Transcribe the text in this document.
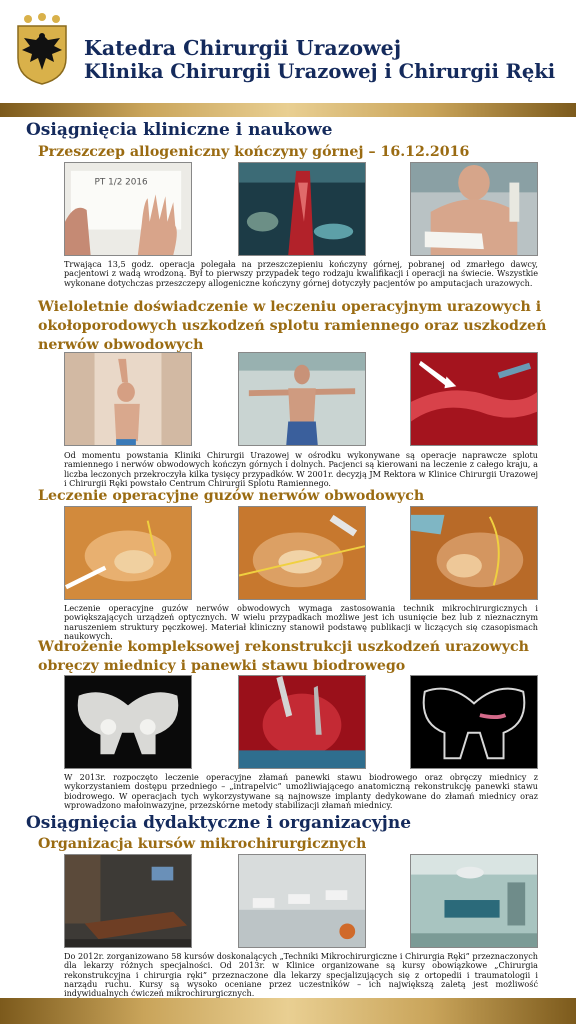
Katedra Chirurgii Urazowej
Klinika Chirurgii Urazowej i Chirurgii Ręki
Osiągnięcia kliniczne i naukowe
Przeszczep allogeniczny kończyny górnej – 16.12.2016
PT 1/2 2016
Trwająca 13,5 godz. operacja polegała na przeszczepieniu kończyny górnej, pobranej od zmarłego dawcy, pacjentowi z wadą wrodzoną. Był to pierwszy przypadek tego rodzaju kwalifikacji i operacji na świecie. Wszystkie wykonane dotychczas przeszczepy allogeniczne kończyny górnej dotyczyły pacjentów po amputacjach urazowych.
Wieloletnie doświadczenie w leczeniu operacyjnym urazowych i okołoporodowych uszkodzeń splotu ramiennego oraz uszkodzeń nerwów obwodowych
Od momentu powstania Kliniki Chirurgii Urazowej w ośrodku wykonywane są operacje naprawcze splotu ramiennego i nerwów obwodowych kończyn górnych i dolnych. Pacjenci są kierowani na leczenie z całego kraju, a liczba leczonych przekroczyła kilka tysięcy przypadków. W 2001r. decyzją JM Rektora w Klinice Chirurgii Urazowej i Chirurgii Ręki powstało Centrum Chirurgii Splotu Ramiennego.
Leczenie operacyjne guzów nerwów obwodowych
Leczenie operacyjne guzów nerwów obwodowych wymaga zastosowania technik mikrochirurgicznych i powiększających urządzeń optycznych. W wielu przypadkach możliwe jest ich usunięcie bez lub z nieznacznym naruszeniem struktury pęczkowej. Materiał kliniczny stanowił podstawę publikacji w liczących się czasopismach naukowych.
Wdrożenie kompleksowej rekonstrukcji uszkodzeń urazowych obręczy miednicy i panewki stawu biodrowego
W 2013r. rozpoczęto leczenie operacyjne złamań panewki stawu biodrowego oraz obręczy miednicy z wykorzystaniem dostępu przedniego – „intrapelvic” umożliwiającego anatomiczną rekonstrukcję panewki stawu biodrowego. W operacjach tych wykorzystywane są najnowsze implanty dedykowane do złamań miednicy oraz wprowadzono małoinwazyjne, przezskórne metody stabilizacji złamań miednicy.
Osiągnięcia dydaktyczne i organizacyjne
Organizacja kursów mikrochirurgicznych
Do 2012r. zorganizowano 58 kursów doskonalących „Techniki Mikrochirurgiczne i Chirurgia Ręki” przeznaczonych dla lekarzy różnych specjalności. Od 2013r. w Klinice organizowane są kursy obowiązkowe „Chirurgia rekonstrukcyjna i chirurgia ręki” przeznaczone dla lekarzy specjalizujących się z ortopedii i traumatologii i narządu ruchu. Kursy są wysoko oceniane przez uczestników – ich największą zaletą jest możliwość indywidualnych ćwiczeń mikrochirurgicznych.
